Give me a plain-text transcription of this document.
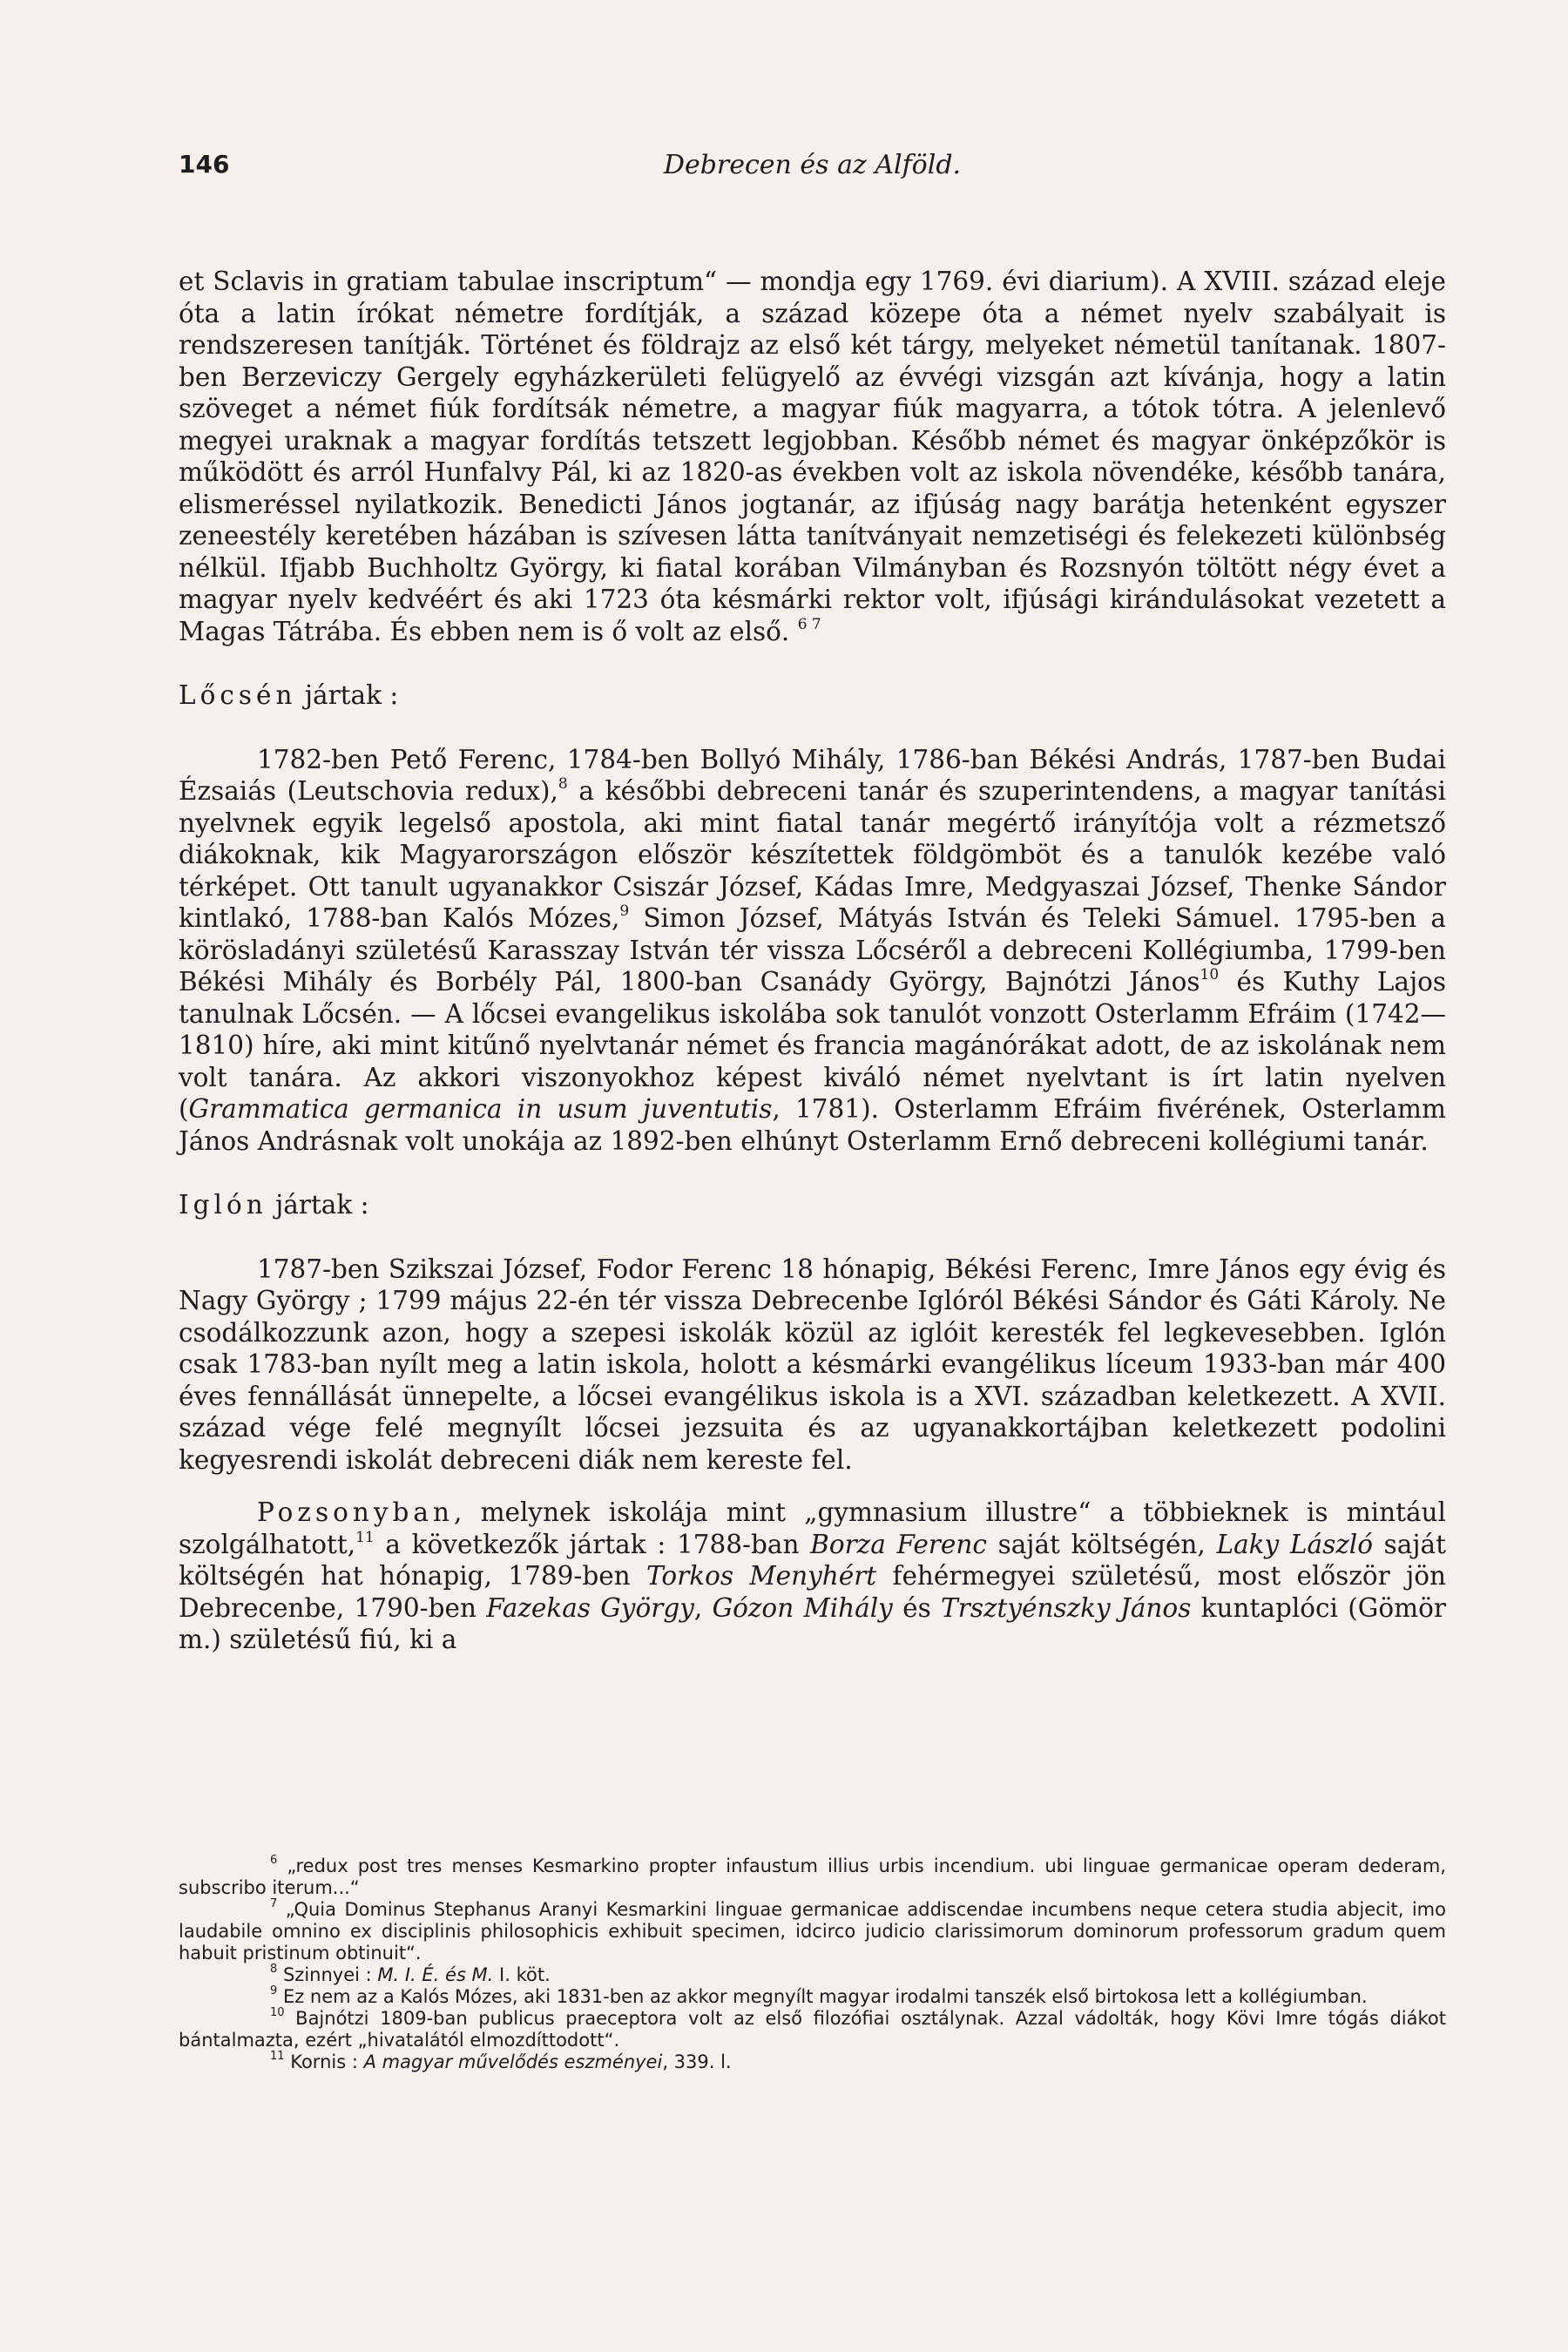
146	Debrecen és az Alföld.

et Sclavis in gratiam tabulae inscriptum“ — mondja egy 1769. évi diarium). A XVIII. század eleje óta a latin írókat németre fordítják, a század közepe óta a német nyelv szabályait is rendszeresen tanítják. Történet és földrajz az első két tárgy, melyeket németül tanítanak. 1807-ben Berzeviczy Gergely egyházkerületi felügyelő az évvégi vizsgán azt kívánja, hogy a latin szöveget a német fiúk fordítsák németre, a magyar fiúk magyarra, a tótok tótra. A jelenlevő megyei uraknak a magyar fordítás tetszett legjobban. Később német és magyar önképzőkör is működött és arról Hunfalvy Pál, ki az 1820-as években volt az iskola növendéke, később tanára, elismeréssel nyilatkozik. Benedicti János jogtanár, az ifjúság nagy barátja hetenként egyszer zeneestély keretében házában is szívesen látta tanítványait nemzetiségi és felekezeti különbség nélkül. Ifjabb Buchholtz György, ki fiatal korában Vilmányban és Rozsnyón töltött négy évet a magyar nyelv kedvéért és aki 1723 óta késmárki rektor volt, ifjúsági kirándulásokat vezetett a Magas Tátrába. És ebben nem is ő volt az első. $^{6 7}$

Lőcsén jártak :

1782-ben Pető Ferenc, 1784-ben Bollyó Mihály, 1786-ban Békési András, 1787-ben Budai Ézsaiás (Leutschovia redux),$^8$ a későbbi debreceni tanár és szuperintendens, a magyar tanítási nyelvnek egyik legelső apostola, aki mint fiatal tanár megértő irányítója volt a rézmetsző diákoknak, kik Magyarországon először készítettek földgömböt és a tanulók kezébe való térképet. Ott tanult ugyanakkor Csiszár József, Kádas Imre, Medgyaszai József, Thenke Sándor kintlakó, 1788-ban Kalós Mózes,$^9$ Simon József, Mátyás István és Teleki Sámuel. 1795-ben a körösladányi születésű Karasszay István tér vissza Lőcséről a debreceni Kollégiumba, 1799-ben Békési Mihály és Borbély Pál, 1800-ban Csanády György, Bajnótzi János$^{10}$ és Kuthy Lajos tanulnak Lőcsén. — A lőcsei evangelikus iskolába sok tanulót vonzott Osterlamm Efráim (1742—1810) híre, aki mint kitűnő nyelvtanár német és francia magánórákat adott, de az iskolának nem volt tanára. Az akkori viszonyokhoz képest kiváló német nyelvtant is írt latin nyelven (Grammatica germanica in usum juventutis, 1781). Osterlamm Efráim fivérének, Osterlamm János Andrásnak volt unokája az 1892-ben elhúnyt Osterlamm Ernő debreceni kollégiumi tanár.

Iglón jártak :

1787-ben Szikszai József, Fodor Ferenc 18 hónapig, Békési Ferenc, Imre János egy évig és Nagy György ; 1799 május 22-én tér vissza Debrecenbe Iglóról Békési Sándor és Gáti Károly. Ne csodálkozzunk azon, hogy a szepesi iskolák közül az iglóit keresték fel legkevesebben. Iglón csak 1783-ban nyílt meg a latin iskola, holott a késmárki evangélikus líceum 1933-ban már 400 éves fennállását ünnepelte, a lőcsei evangélikus iskola is a XVI. században keletkezett. A XVII. század vége felé megnyílt lőcsei jezsuita és az ugyanakkortájban keletkezett podolini kegyesrendi iskolát debreceni diák nem kereste fel.

Pozsonyban, melynek iskolája mint „gymnasium illustre“ a többieknek is mintául szolgálhatott,$^{11}$ a következők jártak : 1788-ban Borza Ferenc saját költségén, Laky László saját költségén hat hónapig, 1789-ben Torkos Menyhért fehérmegyei születésű, most először jön Debrecenbe, 1790-ben Fazekas György, Gózon Mihály és Trsztyénszky János kuntaplóci (Gömör m.) születésű fiú, ki a

$^6$ „redux post tres menses Kesmarkino propter infaustum illius urbis incendium. ubi linguae germanicae operam dederam, subscribo iterum...“

$^7$ „Quia Dominus Stephanus Aranyi Kesmarkini linguae germanicae addiscendae incumbens neque cetera studia abjecit, imo laudabile omnino ex disciplinis philosophicis exhibuit specimen, idcirco judicio clarissimorum dominorum professorum gradum quem habuit pristinum obtinuit“.

$^8$ Szinnyei : M. I. É. és M. I. köt.

$^9$ Ez nem az a Kalós Mózes, aki 1831-ben az akkor megnyílt magyar irodalmi tanszék első birtokosa lett a kollégiumban.

$^{10}$ Bajnótzi 1809-ban publicus praeceptora volt az első filozófiai osztálynak. Azzal vádolták, hogy Kövi Imre tógás diákot bántalmazta, ezért „hivatalától elmozdíttodott“.

$^{11}$ Kornis : A magyar művelődés eszményei, 339. l.
